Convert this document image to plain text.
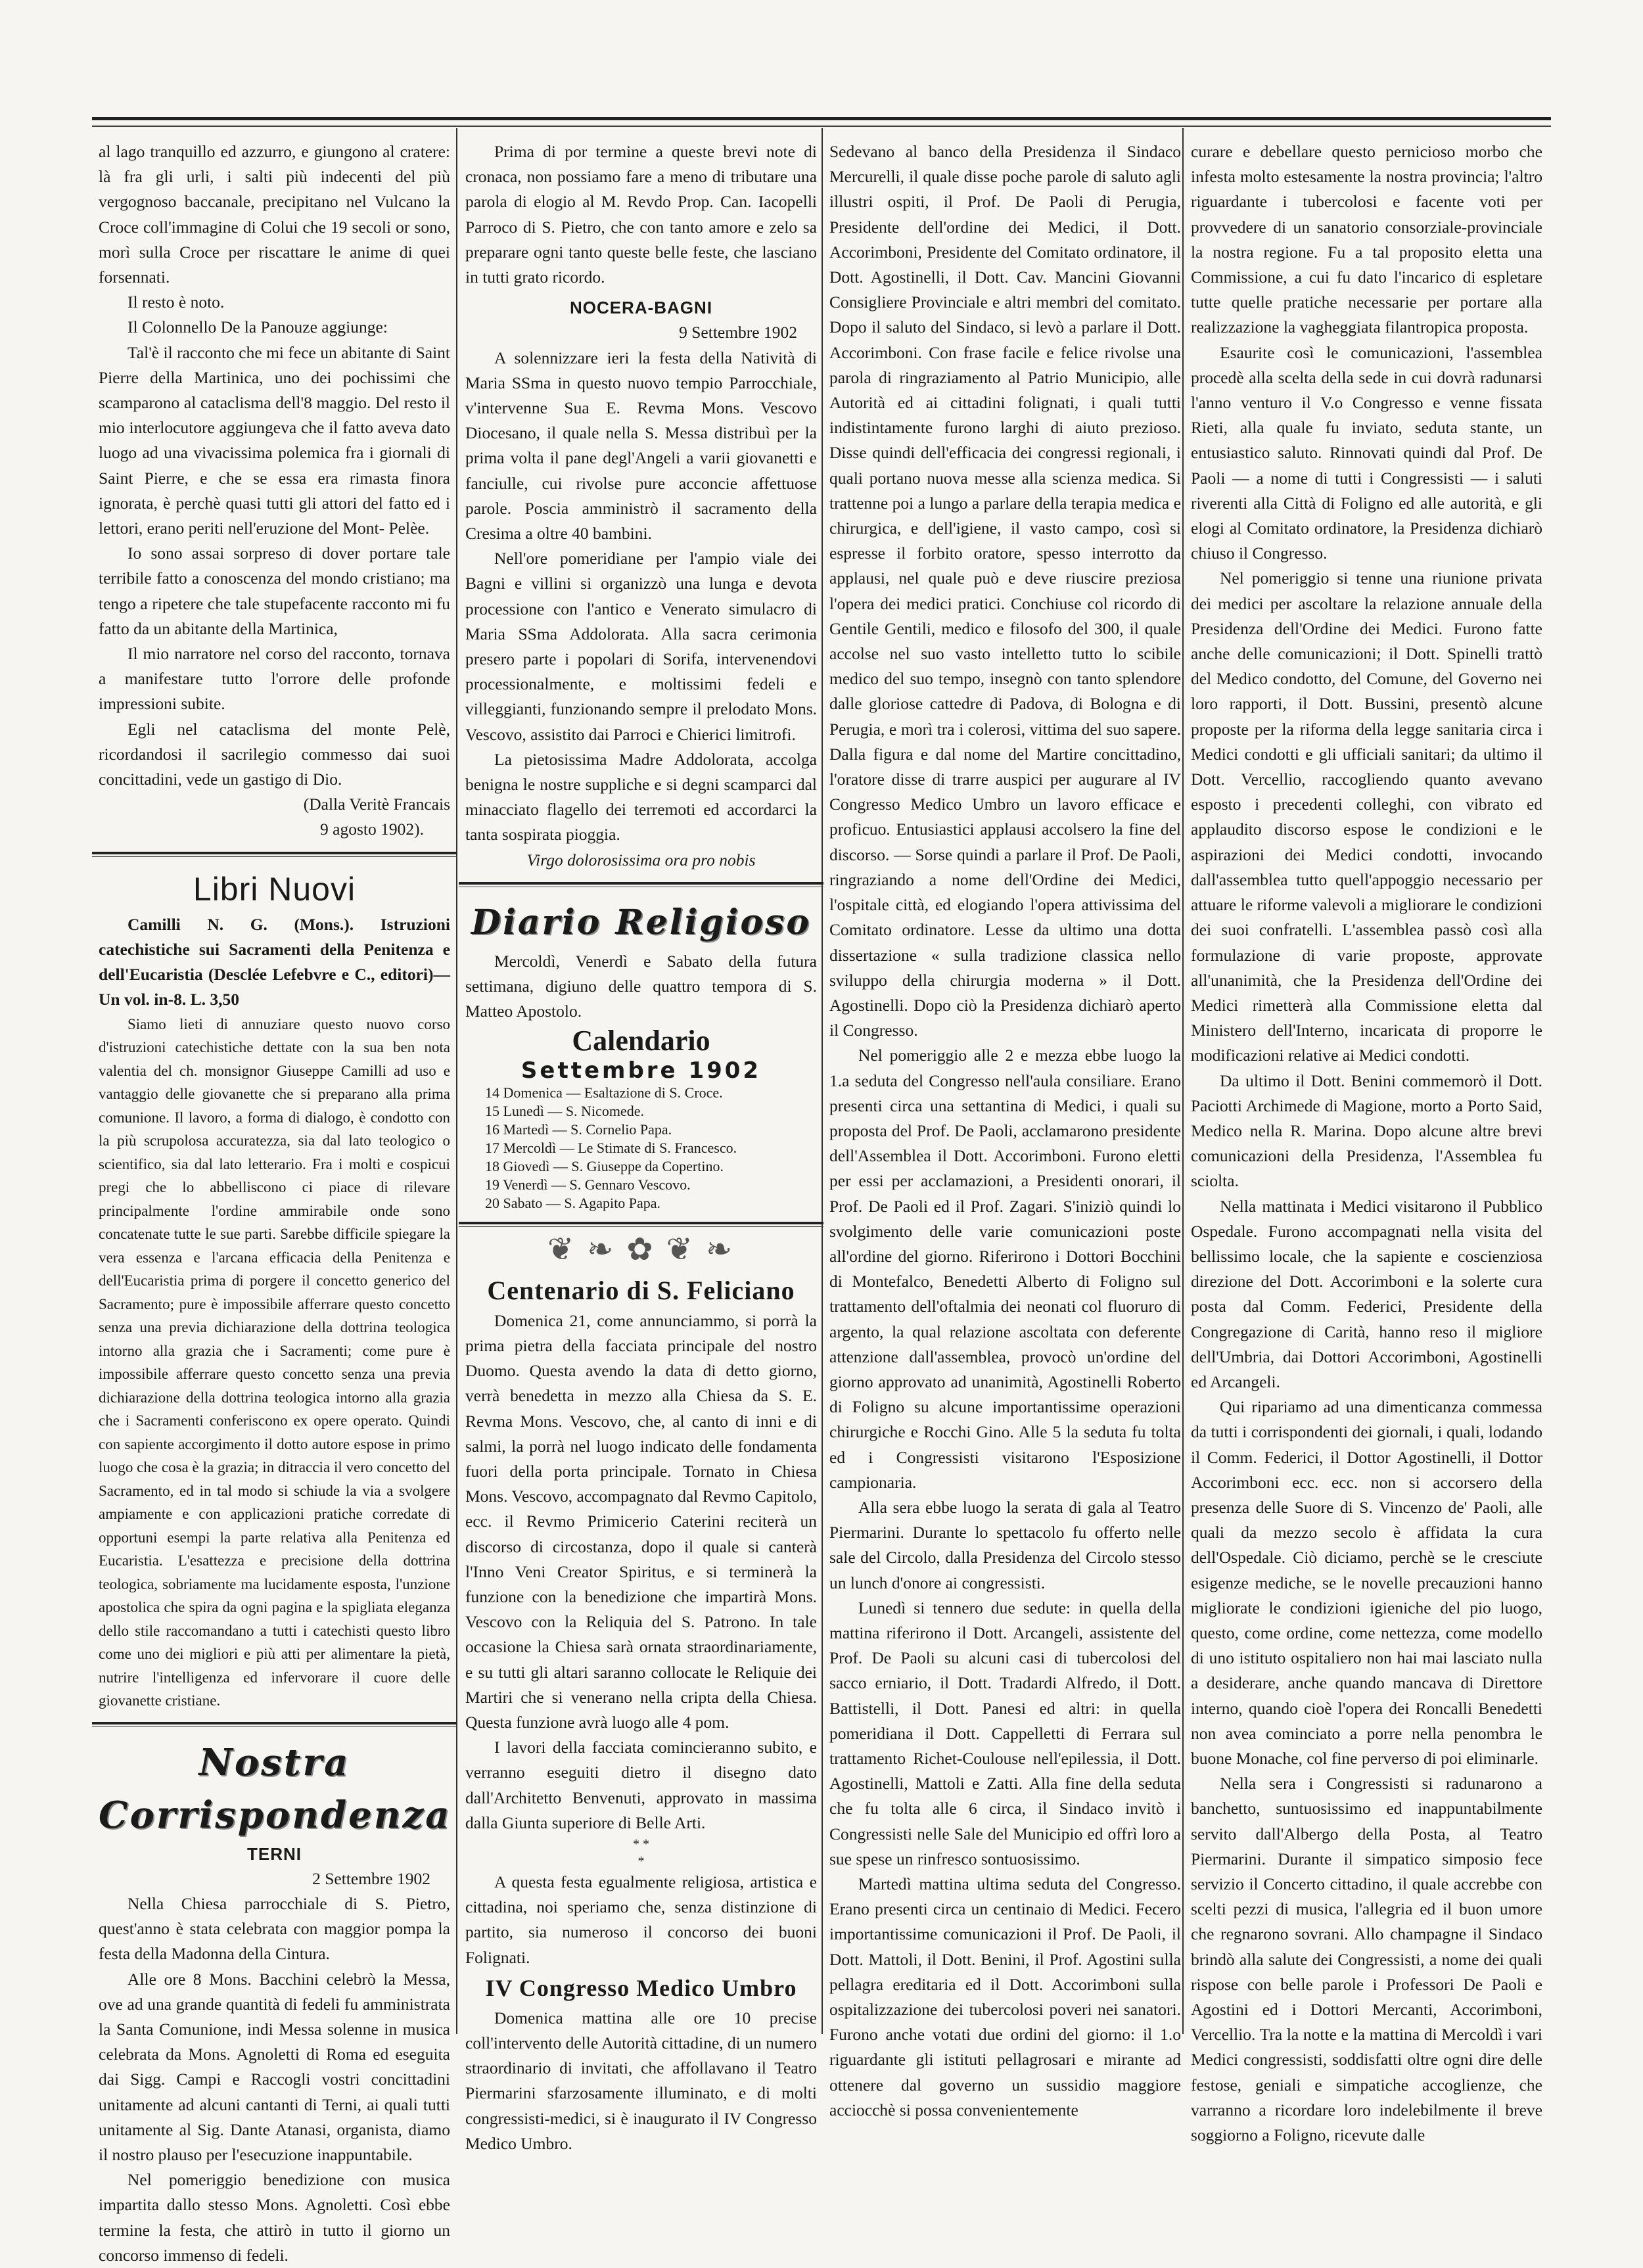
al lago tranquillo ed azzurro, e giungono al cratere: là fra gli urli, i salti più indecenti del più vergognoso baccanale, precipitano nel Vulcano la Croce coll'immagine di Colui che 19 secoli or sono, morì sulla Croce per riscattare le anime di quei forsennati.

Il resto è noto.

Il Colonnello De la Panouze aggiunge:

Tal'è il racconto che mi fece un abitante di Saint Pierre della Martinica, uno dei pochissimi che scamparono al cataclisma dell'8 maggio. Del resto il mio interlocutore aggiungeva che il fatto aveva dato luogo ad una vivacissima polemica fra i giornali di Saint Pierre, e che se essa era rimasta finora ignorata, è perchè quasi tutti gli attori del fatto ed i lettori, erano periti nell'eruzione del Mont- Pelèe.

Io sono assai sorpreso di dover portare tale terribile fatto a conoscenza del mondo cristiano; ma tengo a ripetere che tale stupefacente racconto mi fu fatto da un abitante della Martinica,

Il mio narratore nel corso del racconto, tornava a manifestare tutto l'orrore delle profonde impressioni subite.

Egli nel cataclisma del monte Pelè, ricordandosi il sacrilegio commesso dai suoi concittadini, vede un gastigo di Dio.

(Dalla Veritè Francais

9 agosto 1902).

Libri Nuovi

Camilli N. G. (Mons.). Istruzioni catechistiche sui Sacramenti della Penitenza e dell'Eucaristia (Desclée Lefebvre e C., editori)— Un vol. in-8. L. 3,50

Siamo lieti di annuziare questo nuovo corso d'istruzioni catechistiche dettate con la sua ben nota valentia del ch. monsignor Giuseppe Camilli ad uso e vantaggio delle giovanette che si preparano alla prima comunione. Il lavoro, a forma di dialogo, è condotto con la più scrupolosa accuratezza, sia dal lato teologico o scientifico, sia dal lato letterario. Fra i molti e cospicui pregi che lo abbelliscono ci piace di rilevare principalmente l'ordine ammirabile onde sono concatenate tutte le sue parti. Sarebbe difficile spiegare la vera essenza e l'arcana efficacia della Penitenza e dell'Eucaristia prima di porgere il concetto generico del Sacramento; pure è impossibile afferrare questo concetto senza una previa dichiarazione della dottrina teologica intorno alla grazia che i Sacramenti; come pure è impossibile afferrare questo concetto senza una previa dichiarazione della dottrina teologica intorno alla grazia che i Sacramenti conferiscono ex opere operato. Quindi con sapiente accorgimento il dotto autore espose in primo luogo che cosa è la grazia; in ditraccia il vero concetto del Sacramento, ed in tal modo si schiude la via a svolgere ampiamente e con applicazioni pratiche corredate di opportuni esempi la parte relativa alla Penitenza ed Eucaristia. L'esattezza e precisione della dottrina teologica, sobriamente ma lucidamente esposta, l'unzione apostolica che spira da ogni pagina e la spigliata eleganza dello stile raccomandano a tutti i catechisti questo libro come uno dei migliori e più atti per alimentare la pietà, nutrire l'intelligenza ed infervorare il cuore delle giovanette cristiane.

Nostra Corrispondenza
TERNI

2 Settembre 1902

Nella Chiesa parrocchiale di S. Pietro, quest'anno è stata celebrata con maggior pompa la festa della Madonna della Cintura.

Alle ore 8 Mons. Bacchini celebrò la Messa, ove ad una grande quantità di fedeli fu amministrata la Santa Comunione, indi Messa solenne in musica celebrata da Mons. Agnoletti di Roma ed eseguita dai Sigg. Campi e Raccogli vostri concittadini unitamente ad alcuni cantanti di Terni, ai quali tutti unitamente al Sig. Dante Atanasi, organista, diamo il nostro plauso per l'esecuzione inappuntabile.

Nel pomeriggio benedizione con musica impartita dallo stesso Mons. Agnoletti. Così ebbe termine la festa, che attirò in tutto il giorno un concorso immenso di fedeli.

Prima di por termine a queste brevi note di cronaca, non possiamo fare a meno di tributare una parola di elogio al M. Revdo Prop. Can. Iacopelli Parroco di S. Pietro, che con tanto amore e zelo sa preparare ogni tanto queste belle feste, che lasciano in tutti grato ricordo.

NOCERA-BAGNI

9 Settembre 1902

A solennizzare ieri la festa della Natività di Maria SSma in questo nuovo tempio Parrocchiale, v'intervenne Sua E. Revma Mons. Vescovo Diocesano, il quale nella S. Messa distribuì per la prima volta il pane degl'Angeli a varii giovanetti e fanciulle, cui rivolse pure acconcie affettuose parole. Poscia amministrò il sacramento della Cresima a oltre 40 bambini.

Nell'ore pomeridiane per l'ampio viale dei Bagni e villini si organizzò una lunga e devota processione con l'antico e Venerato simulacro di Maria SSma Addolorata. Alla sacra cerimonia presero parte i popolari di Sorifa, intervenendovi processionalmente, e moltissimi fedeli e villeggianti, funzionando sempre il prelodato Mons. Vescovo, assistito dai Parroci e Chierici limitrofi.

La pietosissima Madre Addolorata, accolga benigna le nostre suppliche e si degni scamparci dal minacciato flagello dei terremoti ed accordarci la tanta sospirata pioggia.

Virgo dolorosissima ora pro nobis

Diario Religioso

Mercoldì, Venerdì e Sabato della futura settimana, digiuno delle quattro tempora di S. Matteo Apostolo.

Calendario
Settembre 1902
14 Domenica — Esaltazione di S. Croce.
15 Lunedì — S. Nicomede.
16 Martedì — S. Cornelio Papa.
17 Mercoldì — Le Stimate di S. Francesco.
18 Giovedì — S. Giuseppe da Copertino.
19 Venerdì — S. Gennaro Vescovo.
20 Sabato — S. Agapito Papa.
❦ ❧ ✿ ❦ ❧
Centenario di S. Feliciano

Domenica 21, come annunciammo, si porrà la prima pietra della facciata principale del nostro Duomo. Questa avendo la data di detto giorno, verrà benedetta in mezzo alla Chiesa da S. E. Revma Mons. Vescovo, che, al canto di inni e di salmi, la porrà nel luogo indicato delle fondamenta fuori della porta principale. Tornato in Chiesa Mons. Vescovo, accompagnato dal Revmo Capitolo, ecc. il Revmo Primicerio Caterini reciterà un discorso di circostanza, dopo il quale si canterà l'Inno Veni Creator Spiritus, e si terminerà la funzione con la benedizione che impartirà Mons. Vescovo con la Reliquia del S. Patrono. In tale occasione la Chiesa sarà ornata straordinariamente, e su tutti gli altari saranno collocate le Reliquie dei Martiri che si venerano nella cripta della Chiesa. Questa funzione avrà luogo alle 4 pom.

I lavori della facciata comincieranno subito, e verranno eseguiti dietro il disegno dato dall'Architetto Benvenuti, approvato in massima dalla Giunta superiore di Belle Arti.

* *
*

A questa festa egualmente religiosa, artistica e cittadina, noi speriamo che, senza distinzione di partito, sia numeroso il concorso dei buoni Folignati.

IV Congresso Medico Umbro

Domenica mattina alle ore 10 precise coll'intervento delle Autorità cittadine, di un numero straordinario di invitati, che affollavano il Teatro Piermarini sfarzosamente illuminato, e di molti congressisti-medici, si è inaugurato il IV Congresso Medico Umbro.

Sedevano al banco della Presidenza il Sindaco Mercurelli, il quale disse poche parole di saluto agli illustri ospiti, il Prof. De Paoli di Perugia, Presidente dell'ordine dei Medici, il Dott. Accorimboni, Presidente del Comitato ordinatore, il Dott. Agostinelli, il Dott. Cav. Mancini Giovanni Consigliere Provinciale e altri membri del comitato. Dopo il saluto del Sindaco, si levò a parlare il Dott. Accorimboni. Con frase facile e felice rivolse una parola di ringraziamento al Patrio Municipio, alle Autorità ed ai cittadini folignati, i quali tutti indistintamente furono larghi di aiuto prezioso. Disse quindi dell'efficacia dei congressi regionali, i quali portano nuova messe alla scienza medica. Si trattenne poi a lungo a parlare della terapia medica e chirurgica, e dell'igiene, il vasto campo, così si espresse il forbito oratore, spesso interrotto da applausi, nel quale può e deve riuscire preziosa l'opera dei medici pratici. Conchiuse col ricordo di Gentile Gentili, medico e filosofo del 300, il quale accolse nel suo vasto intelletto tutto lo scibile medico del suo tempo, insegnò con tanto splendore dalle gloriose cattedre di Padova, di Bologna e di Perugia, e morì tra i colerosi, vittima del suo sapere. Dalla figura e dal nome del Martire concittadino, l'oratore disse di trarre auspici per augurare al IV Congresso Medico Umbro un lavoro efficace e proficuo. Entusiastici applausi accolsero la fine del discorso. — Sorse quindi a parlare il Prof. De Paoli, ringraziando a nome dell'Ordine dei Medici, l'ospitale città, ed elogiando l'opera attivissima del Comitato ordinatore. Lesse da ultimo una dotta dissertazione « sulla tradizione classica nello sviluppo della chirurgia moderna » il Dott. Agostinelli. Dopo ciò la Presidenza dichiarò aperto il Congresso.

Nel pomeriggio alle 2 e mezza ebbe luogo la 1.a seduta del Congresso nell'aula consiliare. Erano presenti circa una settantina di Medici, i quali su proposta del Prof. De Paoli, acclamarono presidente dell'Assemblea il Dott. Accorimboni. Furono eletti per essi per acclamazioni, a Presidenti onorari, il Prof. De Paoli ed il Prof. Zagari. S'iniziò quindi lo svolgimento delle varie comunicazioni poste all'ordine del giorno. Riferirono i Dottori Bocchini di Montefalco, Benedetti Alberto di Foligno sul trattamento dell'oftalmia dei neonati col fluoruro di argento, la qual relazione ascoltata con deferente attenzione dall'assemblea, provocò un'ordine del giorno approvato ad unanimità, Agostinelli Roberto di Foligno su alcune importantissime operazioni chirurgiche e Rocchi Gino. Alle 5 la seduta fu tolta ed i Congressisti visitarono l'Esposizione campionaria.

Alla sera ebbe luogo la serata di gala al Teatro Piermarini. Durante lo spettacolo fu offerto nelle sale del Circolo, dalla Presidenza del Circolo stesso un lunch d'onore ai congressisti.

Lunedì si tennero due sedute: in quella della mattina riferirono il Dott. Arcangeli, assistente del Prof. De Paoli su alcuni casi di tubercolosi del sacco erniario, il Dott. Tradardi Alfredo, il Dott. Battistelli, il Dott. Panesi ed altri: in quella pomeridiana il Dott. Cappelletti di Ferrara sul trattamento Richet-Coulouse nell'epilessia, il Dott. Agostinelli, Mattoli e Zatti. Alla fine della seduta che fu tolta alle 6 circa, il Sindaco invitò i Congressisti nelle Sale del Municipio ed offrì loro a sue spese un rinfresco sontuosissimo.

Martedì mattina ultima seduta del Congresso. Erano presenti circa un centinaio di Medici. Fecero importantissime comunicazioni il Prof. De Paoli, il Dott. Mattoli, il Dott. Benini, il Prof. Agostini sulla pellagra ereditaria ed il Dott. Accorimboni sulla ospitalizzazione dei tubercolosi poveri nei sanatori. Furono anche votati due ordini del giorno: il 1.o riguardante gli istituti pellagrosari e mirante ad ottenere dal governo un sussidio maggiore acciocchè si possa convenientemente

curare e debellare questo pernicioso morbo che infesta molto estesamente la nostra provincia; l'altro riguardante i tubercolosi e facente voti per provvedere di un sanatorio consorziale-provinciale la nostra regione. Fu a tal proposito eletta una Commissione, a cui fu dato l'incarico di espletare tutte quelle pratiche necessarie per portare alla realizzazione la vagheggiata filantropica proposta.

Esaurite così le comunicazioni, l'assemblea procedè alla scelta della sede in cui dovrà radunarsi l'anno venturo il V.o Congresso e venne fissata Rieti, alla quale fu inviato, seduta stante, un entusiastico saluto. Rinnovati quindi dal Prof. De Paoli — a nome di tutti i Congressisti — i saluti riverenti alla Città di Foligno ed alle autorità, e gli elogi al Comitato ordinatore, la Presidenza dichiarò chiuso il Congresso.

Nel pomeriggio si tenne una riunione privata dei medici per ascoltare la relazione annuale della Presidenza dell'Ordine dei Medici. Furono fatte anche delle comunicazioni; il Dott. Spinelli trattò del Medico condotto, del Comune, del Governo nei loro rapporti, il Dott. Bussini, presentò alcune proposte per la riforma della legge sanitaria circa i Medici condotti e gli ufficiali sanitari; da ultimo il Dott. Vercellio, raccogliendo quanto avevano esposto i precedenti colleghi, con vibrato ed applaudito discorso espose le condizioni e le aspirazioni dei Medici condotti, invocando dall'assemblea tutto quell'appoggio necessario per attuare le riforme valevoli a migliorare le condizioni dei suoi confratelli. L'assemblea passò così alla formulazione di varie proposte, approvate all'unanimità, che la Presidenza dell'Ordine dei Medici rimetterà alla Commissione eletta dal Ministero dell'Interno, incaricata di proporre le modificazioni relative ai Medici condotti.

Da ultimo il Dott. Benini commemorò il Dott. Paciotti Archimede di Magione, morto a Porto Said, Medico nella R. Marina. Dopo alcune altre brevi comunicazioni della Presidenza, l'Assemblea fu sciolta.

Nella mattinata i Medici visitarono il Pubblico Ospedale. Furono accompagnati nella visita del bellissimo locale, che la sapiente e coscienziosa direzione del Dott. Accorimboni e la solerte cura posta dal Comm. Federici, Presidente della Congregazione di Carità, hanno reso il migliore dell'Umbria, dai Dottori Accorimboni, Agostinelli ed Arcangeli.

Qui ripariamo ad una dimenticanza commessa da tutti i corrispondenti dei giornali, i quali, lodando il Comm. Federici, il Dottor Agostinelli, il Dottor Accorimboni ecc. ecc. non si accorsero della presenza delle Suore di S. Vincenzo de' Paoli, alle quali da mezzo secolo è affidata la cura dell'Ospedale. Ciò diciamo, perchè se le cresciute esigenze mediche, se le novelle precauzioni hanno migliorate le condizioni igieniche del pio luogo, questo, come ordine, come nettezza, come modello di uno istituto ospitaliero non hai mai lasciato nulla a desiderare, anche quando mancava di Direttore interno, quando cioè l'opera dei Roncalli Benedetti non avea cominciato a porre nella penombra le buone Monache, col fine perverso di poi eliminarle.

Nella sera i Congressisti si radunarono a banchetto, suntuosissimo ed inappuntabilmente servito dall'Albergo della Posta, al Teatro Piermarini. Durante il simpatico simposio fece servizio il Concerto cittadino, il quale accrebbe con scelti pezzi di musica, l'allegria ed il buon umore che regnarono sovrani. Allo champagne il Sindaco brindò alla salute dei Congressisti, a nome dei quali rispose con belle parole i Professori De Paoli e Agostini ed i Dottori Mercanti, Accorimboni, Vercellio. Tra la notte e la mattina di Mercoldì i vari Medici congressisti, soddisfatti oltre ogni dire delle festose, geniali e simpatiche accoglienze, che varranno a ricordare loro indelebilmente il breve soggiorno a Foligno, ricevute dalle
